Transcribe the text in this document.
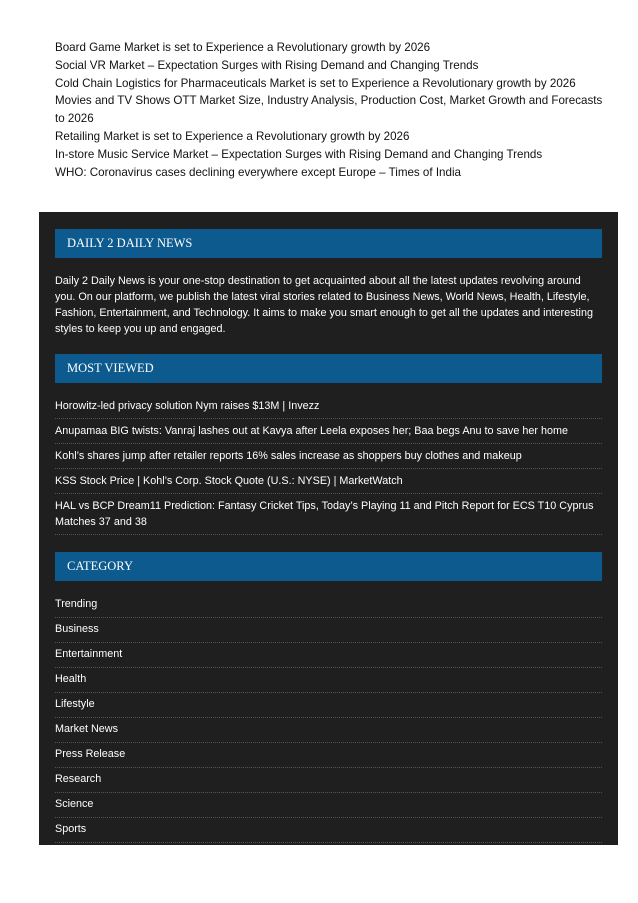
Board Game Market is set to Experience a Revolutionary growth by 2026
Social VR Market – Expectation Surges with Rising Demand and Changing Trends
Cold Chain Logistics for Pharmaceuticals Market is set to Experience a Revolutionary growth by 2026
Movies and TV Shows OTT Market Size, Industry Analysis, Production Cost, Market Growth and Forecasts to 2026
Retailing Market is set to Experience a Revolutionary growth by 2026
In-store Music Service Market – Expectation Surges with Rising Demand and Changing Trends
WHO: Coronavirus cases declining everywhere except Europe – Times of India
DAILY 2 DAILY NEWS

Daily 2 Daily News is your one-stop destination to get acquainted about all the latest updates revolving around you. On our platform, we publish the latest viral stories related to Business News, World News, Health, Lifestyle, Fashion, Entertainment, and Technology. It aims to make you smart enough to get all the updates and interesting styles to keep you up and engaged.

MOST VIEWED
Horowitz-led privacy solution Nym raises $13M | Invezz
Anupamaa BIG twists: Vanraj lashes out at Kavya after Leela exposes her; Baa begs Anu to save her home
Kohl’s shares jump after retailer reports 16% sales increase as shoppers buy clothes and makeup
KSS Stock Price | Kohl’s Corp. Stock Quote (U.S.: NYSE) | MarketWatch
HAL vs BCP Dream11 Prediction: Fantasy Cricket Tips, Today’s Playing 11 and Pitch Report for ECS T10 Cyprus Matches 37 and 38
CATEGORY
Trending
Business
Entertainment
Health
Lifestyle
Market News
Press Release
Research
Science
Sports
